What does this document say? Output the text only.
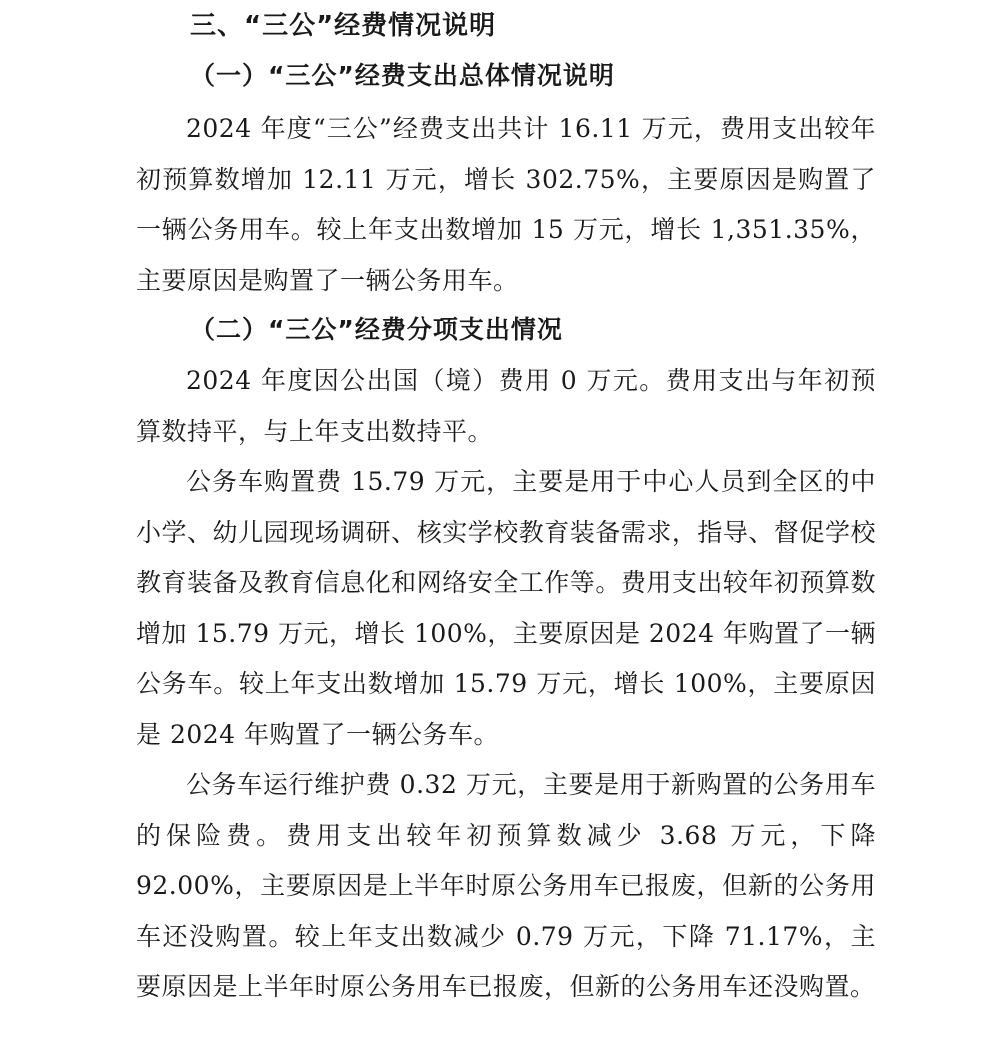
三、“三公”经费情况说明
（一）“三公”经费支出总体情况说明

2024 年度“三公”经费支出共计 16.11 万元，费用支出较年初预算数增加 12.11 万元，增长 302.75%，主要原因是购置了一辆公务用车。较上年支出数增加 15 万元，增长 1,351.35%，主要原因是购置了一辆公务用车。

（二）“三公”经费分项支出情况

2024 年度因公出国（境）费用 0 万元。费用支出与年初预算数持平，与上年支出数持平。

公务车购置费 15.79 万元，主要是用于中心人员到全区的中小学、幼儿园现场调研、核实学校教育装备需求，指导、督促学校教育装备及教育信息化和网络安全工作等。费用支出较年初预算数增加 15.79 万元，增长 100%，主要原因是 2024 年购置了一辆公务车。较上年支出数增加 15.79 万元，增长 100%，主要原因是 2024 年购置了一辆公务车。

公务车运行维护费 0.32 万元，主要是用于新购置的公务用车的保险费。费用支出较年初预算数减少 3.68 万元，下降 92.00%，主要原因是上半年时原公务用车已报废，但新的公务用车还没购置。较上年支出数减少 0.79 万元，下降 71.17%，主要原因是上半年时原公务用车已报废，但新的公务用车还没购置。
